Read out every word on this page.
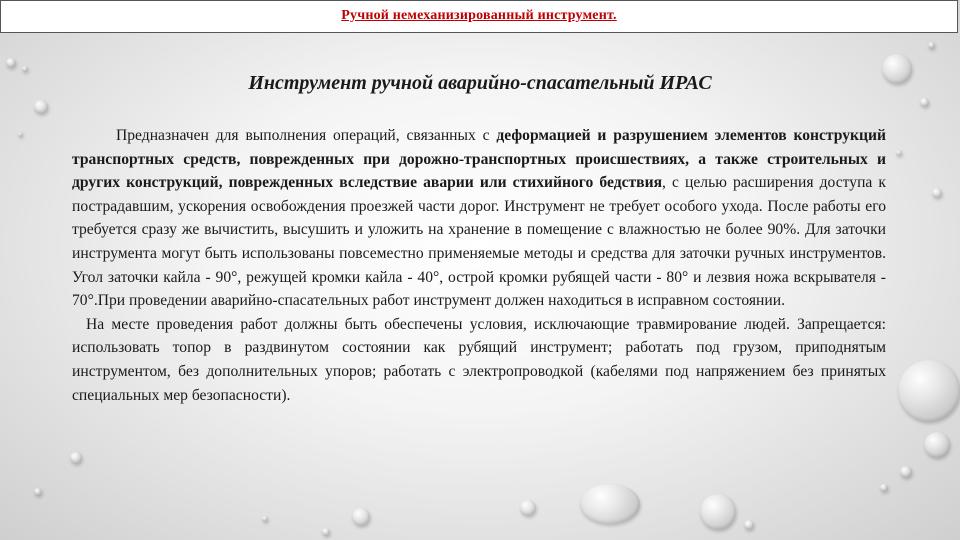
Ручной немеханизированный инструмент.
Инструмент ручной аварийно-спасательный ИРАС

Предназначен для выполнения операций, связанных с деформацией и разрушением элементов конструкций транспортных средств, поврежденных при дорожно-транспортных происшествиях, а также строительных и других конструкций, поврежденных вследствие аварии или стихийного бедствия, с целью расширения доступа к пострадавшим, ускорения освобождения проезжей части дорог. Инструмент не требует особого ухода. После работы его требуется сразу же вычистить, высушить и уложить на хранение в помещение с влажностью не более 90%. Для заточки инструмента могут быть использованы повсеместно применяемые методы и средства для заточки ручных инструментов. Угол заточки кайла - 90°, режущей кромки кайла - 40°, острой кромки рубящей части - 80° и лезвия ножа вскрывателя - 70°.При проведении аварийно-спасательных работ инструмент должен находиться в исправном состоянии.

На месте проведения работ должны быть обеспечены условия, исключающие травмирование людей. Запрещается: использовать топор в раздвинутом состоянии как рубящий инструмент; работать под грузом, приподнятым инструментом, без дополнительных упоров; работать с электропроводкой (кабелями под напряжением без принятых специальных мер безопасности).
